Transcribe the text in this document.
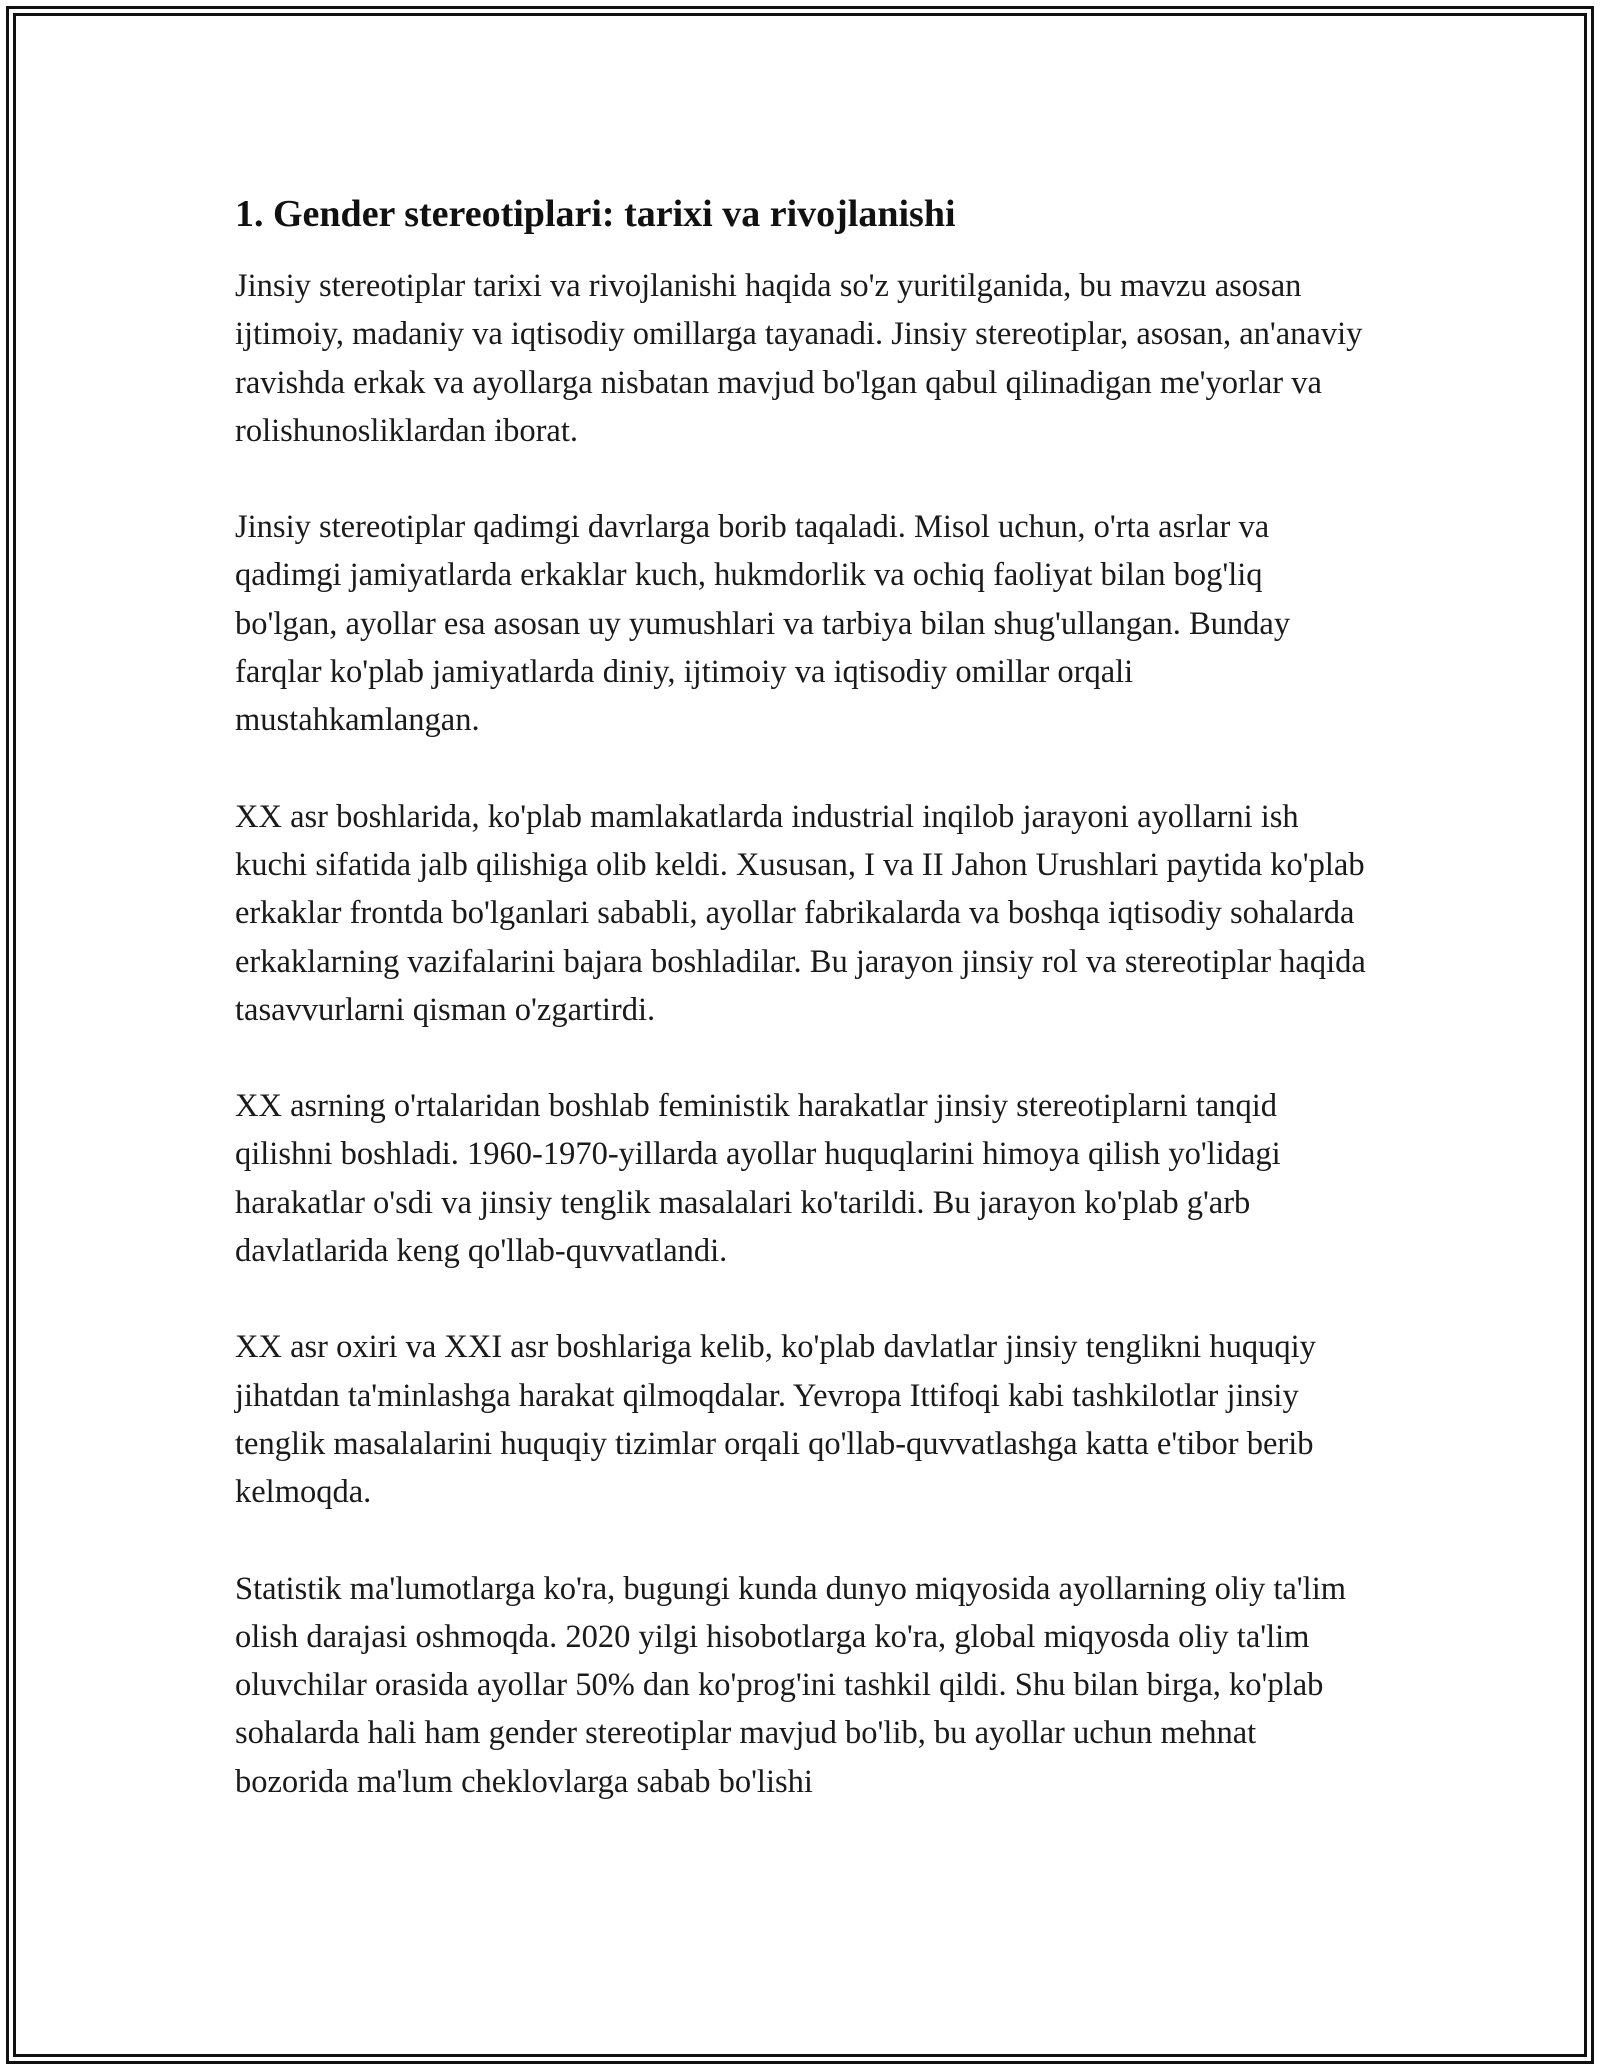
1. Gender stereotiplari: tarixi va rivojlanishi

Jinsiy stereotiplar tarixi va rivojlanishi haqida so'z yuritilganida, bu mavzu asosan ijtimoiy, madaniy va iqtisodiy omillarga tayanadi. Jinsiy stereotiplar, asosan, an'anaviy ravishda erkak va ayollarga nisbatan mavjud bo'lgan qabul qilinadigan me'yorlar va rolishunosliklardan iborat.

Jinsiy stereotiplar qadimgi davrlarga borib taqaladi. Misol uchun, o'rta asrlar va qadimgi jamiyatlarda erkaklar kuch, hukmdorlik va ochiq faoliyat bilan bog'liq bo'lgan, ayollar esa asosan uy yumushlari va tarbiya bilan shug'ullangan. Bunday farqlar ko'plab jamiyatlarda diniy, ijtimoiy va iqtisodiy omillar orqali mustahkamlangan.

XX asr boshlarida, ko'plab mamlakatlarda industrial inqilob jarayoni ayollarni ish kuchi sifatida jalb qilishiga olib keldi. Xususan, I va II Jahon Urushlari paytida ko'plab erkaklar frontda bo'lganlari sababli, ayollar fabrikalarda va boshqa iqtisodiy sohalarda erkaklarning vazifalarini bajara boshladilar. Bu jarayon jinsiy rol va stereotiplar haqida tasavvurlarni qisman o'zgartirdi.

XX asrning o'rtalaridan boshlab feministik harakatlar jinsiy stereotiplarni tanqid qilishni boshladi. 1960-1970-yillarda ayollar huquqlarini himoya qilish yo'lidagi harakatlar o'sdi va jinsiy tenglik masalalari ko'tarildi. Bu jarayon ko'plab g'arb davlatlarida keng qo'llab-quvvatlandi.

XX asr oxiri va XXI asr boshlariga kelib, ko'plab davlatlar jinsiy tenglikni huquqiy jihatdan ta'minlashga harakat qilmoqdalar. Yevropa Ittifoqi kabi tashkilotlar jinsiy tenglik masalalarini huquqiy tizimlar orqali qo'llab-quvvatlashga katta e'tibor berib kelmoqda.

Statistik ma'lumotlarga ko'ra, bugungi kunda dunyo miqyosida ayollarning oliy ta'lim olish darajasi oshmoqda. 2020 yilgi hisobotlarga ko'ra, global miqyosda oliy ta'lim oluvchilar orasida ayollar 50% dan ko'prog'ini tashkil qildi. Shu bilan birga, ko'plab sohalarda hali ham gender stereotiplar mavjud bo'lib, bu ayollar uchun mehnat bozorida ma'lum cheklovlarga sabab bo'lishi
